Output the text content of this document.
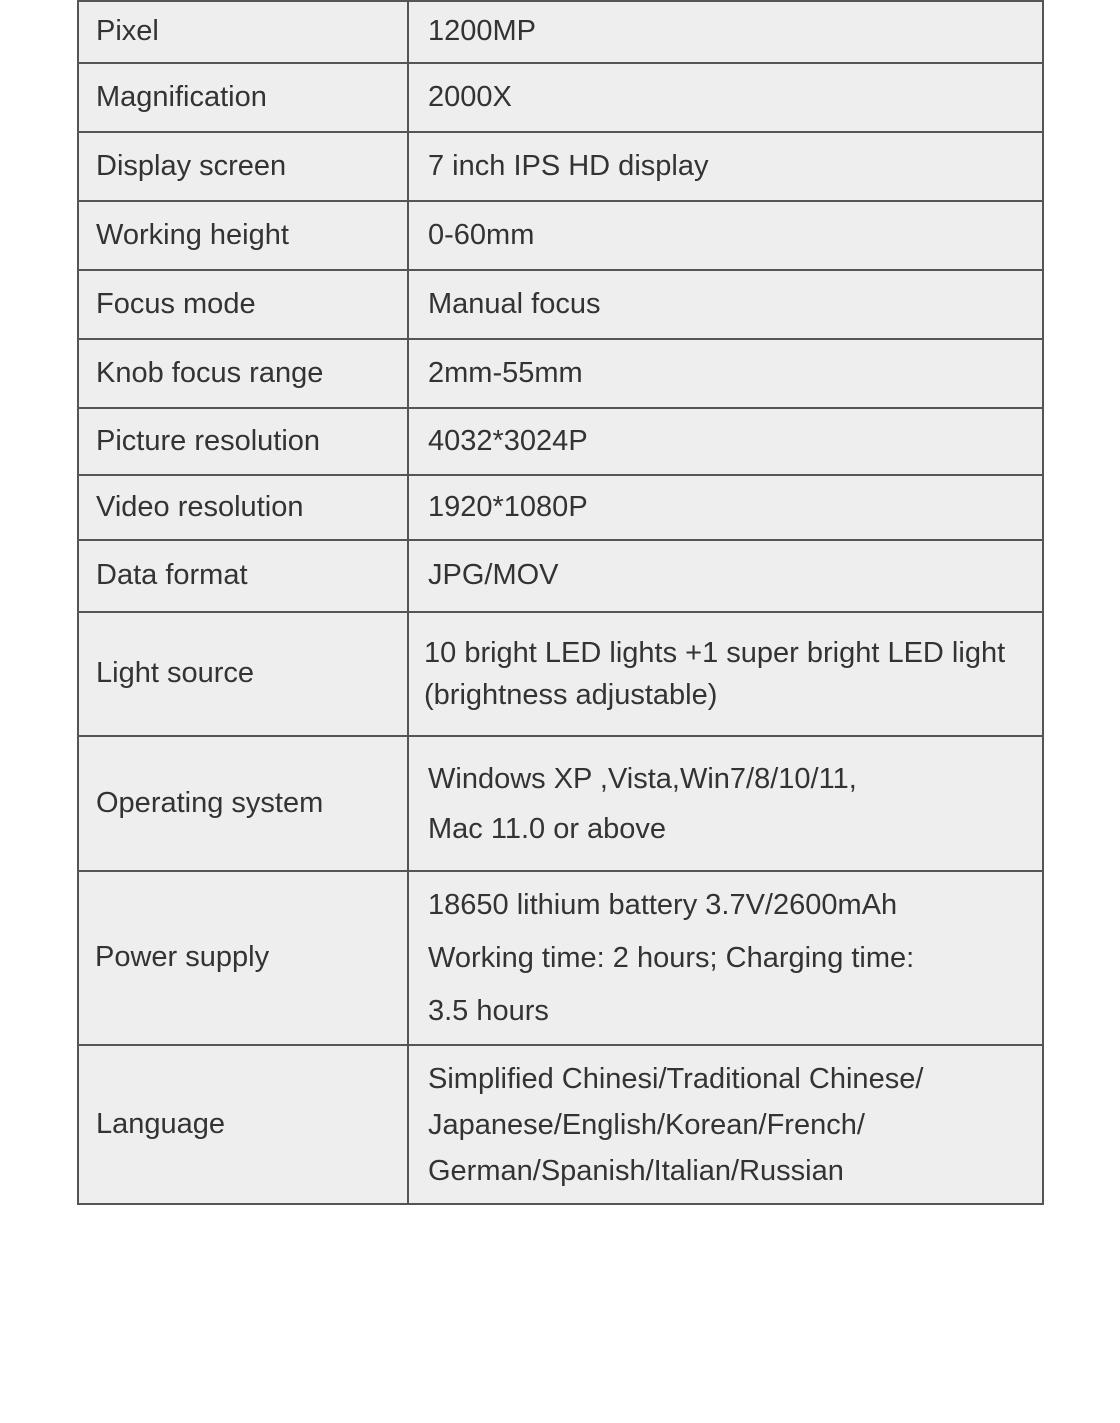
Pixel	1200MP

Magnification	2000X

Display screen	7 inch IPS HD display

Working height	0-60mm

Focus mode	Manual focus

Knob focus range	2mm-55mm

Picture resolution	4032*3024P

Video resolution	1920*1080P

Data format	JPG/MOV

Light source	10 bright LED lights +1 super bright LED light
(brightness adjustable)

Operating system	Windows XP ,Vista,Win7/8/10/11,
Mac 11.0 or above

Power supply	18650 lithium battery 3.7V/2600mAh
Working time: 2 hours; Charging time:
3.5 hours

Language	Simplified Chinesi/Traditional Chinese/
Japanese/English/Korean/French/
German/Spanish/Italian/Russian
